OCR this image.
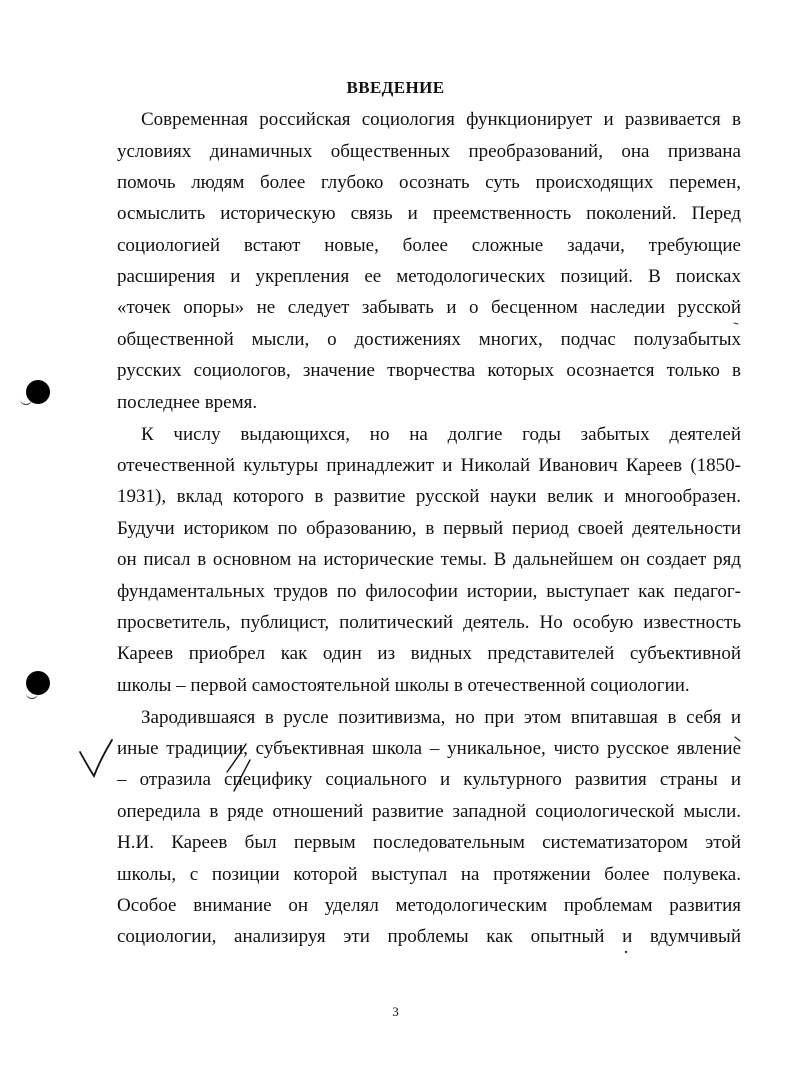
ВВЕДЕНИЕ
Современная российская социология функционирует и развивается в
условиях динамичных общественных преобразований, она призвана
помочь людям более глубоко осознать суть происходящих перемен,
осмыслить историческую связь и преемственность поколений. Перед
социологией встают новые, более сложные задачи, требующие
расширения и укрепления ее методологических позиций. В поисках
«точек опоры» не следует забывать и о бесценном наследии русской
общественной мысли, о достижениях многих, подчас полузабытых
русских социологов, значение творчества которых осознается только в
последнее время.
К числу выдающихся, но на долгие годы забытых деятелей
отечественной культуры принадлежит и Николай Иванович Кареев (1850-
1931), вклад которого в развитие русской науки велик и многообразен.
Будучи историком по образованию, в первый период своей деятельности
он писал в основном на исторические темы. В дальнейшем он создает ряд
фундаментальных трудов по философии истории, выступает как педагог-
просветитель, публицист, политический деятель. Но особую известность
Кареев приобрел как один из видных представителей субъективной
школы – первой самостоятельной школы в отечественной социологии.
Зародившаяся в русле позитивизма, но при этом впитавшая в себя и
иные традиции, субъективная школа – уникальное, чисто русское явление
– отразила специфику социального и культурного развития страны и
опередила в ряде отношений развитие западной социологической мысли.
Н.И. Кареев был первым последовательным систематизатором этой
школы, с позиции которой выступал на протяжении более полувека.
Особое внимание он уделял методологическим проблемам развития
социологии, анализируя эти проблемы как опытный и вдумчивый
3
